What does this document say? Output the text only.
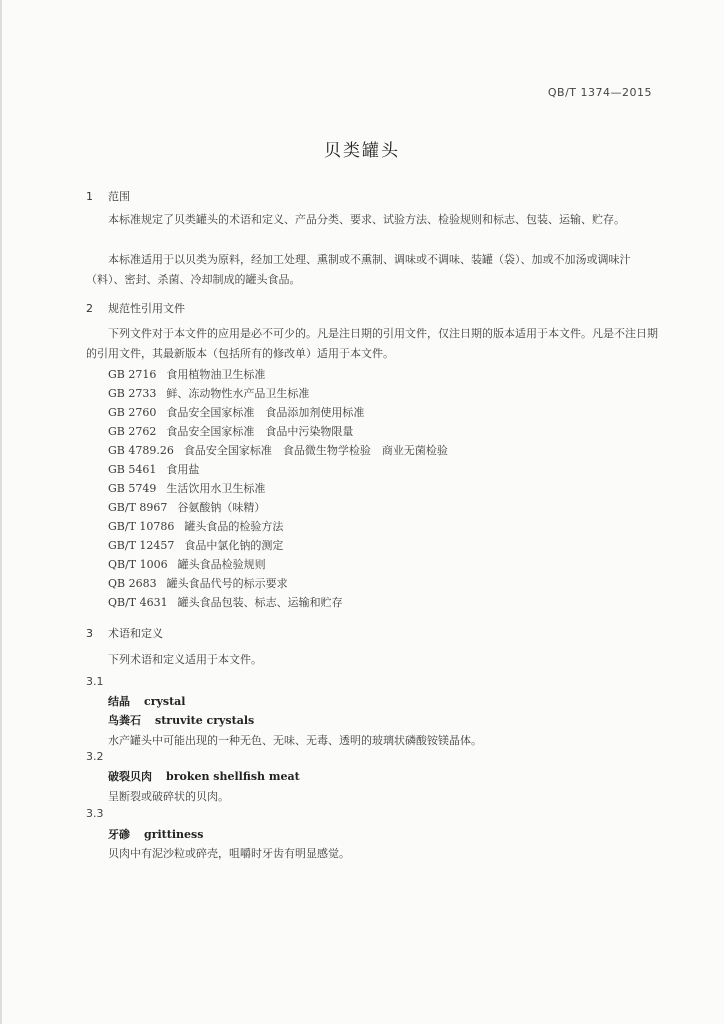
QB/T 1374—2015
贝类罐头
1 范围
本标准规定了贝类罐头的术语和定义、产品分类、要求、试验方法、检验规则和标志、包装、运输、贮存。
本标准适用于以贝类为原料，经加工处理、熏制或不熏制、调味或不调味、装罐（袋）、加或不加汤或调味汁（料）、密封、杀菌、冷却制成的罐头食品。
2 规范性引用文件
下列文件对于本文件的应用是必不可少的。凡是注日期的引用文件，仅注日期的版本适用于本文件。凡是不注日期的引用文件，其最新版本（包括所有的修改单）适用于本文件。
GB 2716 食用植物油卫生标准
GB 2733 鲜、冻动物性水产品卫生标准
GB 2760 食品安全国家标准　食品添加剂使用标准
GB 2762 食品安全国家标准　食品中污染物限量
GB 4789.26 食品安全国家标准　食品微生物学检验　商业无菌检验
GB 5461 食用盐
GB 5749 生活饮用水卫生标准
GB/T 8967 谷氨酸钠（味精）
GB/T 10786 罐头食品的检验方法
GB/T 12457 食品中氯化钠的测定
QB/T 1006 罐头食品检验规则
QB 2683 罐头食品代号的标示要求
QB/T 4631 罐头食品包装、标志、运输和贮存
3 术语和定义
下列术语和定义适用于本文件。
3.1
结晶 crystal
鸟粪石 struvite crystals
水产罐头中可能出现的一种无色、无味、无毒、透明的玻璃状磷酸铵镁晶体。
3.2
破裂贝肉 broken shellfish meat
呈断裂或破碎状的贝肉。
3.3
牙碜 grittiness
贝肉中有泥沙粒或碎壳，咀嚼时牙齿有明显感觉。
